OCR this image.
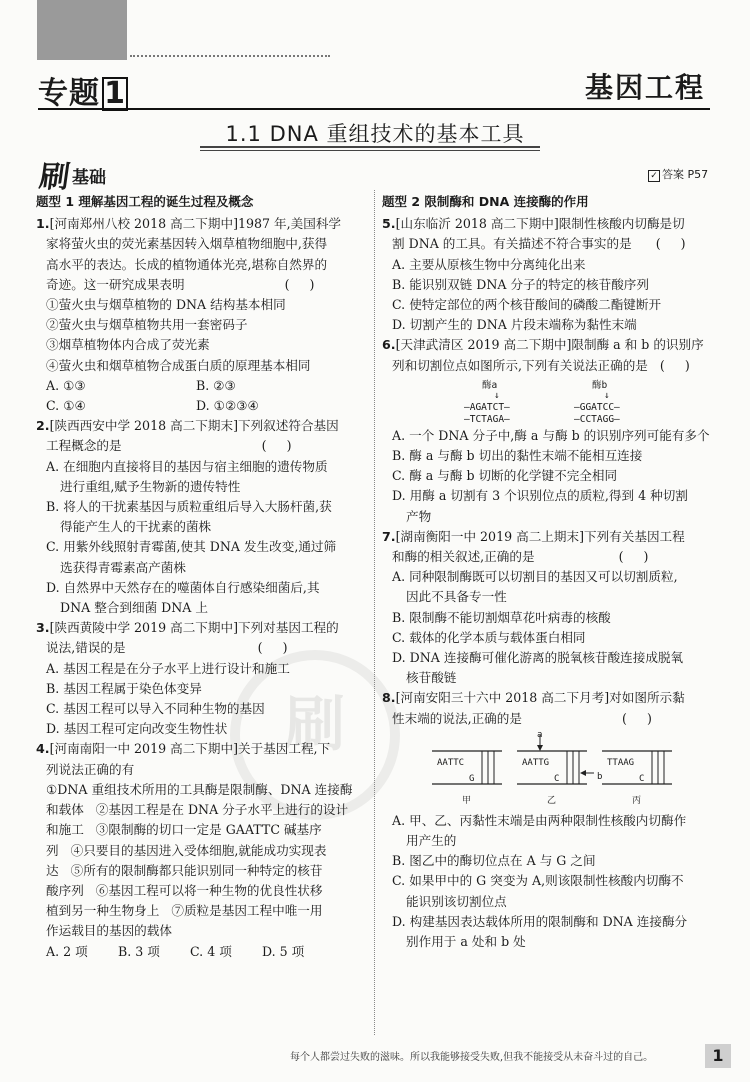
专题 1	基因工程
1.1 DNA 重组技术的基本工具
刷 基础	✓ 答案 P57
刷
题型 1 理解基因工程的诞生过程及概念
1.[河南郑州八校 2018 高二下期中]1987 年,美国科学
家将萤火虫的荧光素基因转入烟草植物细胞中,获得
高水平的表达。长成的植物通体光亮,堪称自然界的
奇迹。这一研究成果表明                         (     )
①萤火虫与烟草植物的 DNA 结构基本相同
②萤火虫与烟草植物共用一套密码子
③烟草植物体内合成了荧光素
④萤火虫和烟草植物合成蛋白质的原理基本相同
A. ①③	B. ②③
C. ①④	D. ①②③④
2.[陕西西安中学 2018 高二下期末]下列叙述符合基因
工程概念的是                                   (     )
A. 在细胞内直接将目的基因与宿主细胞的遗传物质
进行重组,赋予生物新的遗传特性
B. 将人的干扰素基因与质粒重组后导入大肠杆菌,获
得能产生人的干扰素的菌株
C. 用紫外线照射青霉菌,使其 DNA 发生改变,通过筛
选获得青霉素高产菌株
D. 自然界中天然存在的噬菌体自行感染细菌后,其
DNA 整合到细菌 DNA 上
3.[陕西黄陵中学 2019 高二下期中]下列对基因工程的
说法,错误的是                                 (     )
A. 基因工程是在分子水平上进行设计和施工
B. 基因工程属于染色体变异
C. 基因工程可以导入不同种生物的基因
D. 基因工程可定向改变生物性状
4.[河南南阳一中 2019 高二下期中]关于基因工程,下
列说法正确的有
①DNA 重组技术所用的工具酶是限制酶、DNA 连接酶
和载体   ②基因工程是在 DNA 分子水平上进行的设计
和施工   ③限制酶的切口一定是 GAATTC 碱基序
列   ④只要目的基因进入受体细胞,就能成功实现表
达   ⑤所有的限制酶都只能识别同一种特定的核苷
酸序列   ⑥基因工程可以将一种生物的优良性状移
植到另一种生物身上   ⑦质粒是基因工程中唯一用
作运载目的基因的载体
A. 2 项	B. 3 项	C. 4 项	D. 5 项
题型 2 限制酶和 DNA 连接酶的作用
5.[山东临沂 2018 高二下期中]限制性核酸内切酶是切
割 DNA 的工具。有关描述不符合事实的是      (     )
A. 主要从原核生物中分离纯化出来
B. 能识别双链 DNA 分子的特定的核苷酸序列
C. 使特定部位的两个核苷酸间的磷酸二酯键断开
D. 切割产生的 DNA 片段末端称为黏性末端
6.[天津武清区 2019 高二下期中]限制酶 a 和 b 的识别序
列和切割位点如图所示,下列有关说法正确的是   (     )
酶a
↓
—AGATCT—
—TCTAGA—
酶b
↓
—GGATCC—
—CCTAGG—
A. 一个 DNA 分子中,酶 a 与酶 b 的识别序列可能有多个
B. 酶 a 与酶 b 切出的黏性末端不能相互连接
C. 酶 a 与酶 b 切断的化学键不完全相同
D. 用酶 a 切割有 3 个识别位点的质粒,得到 4 种切割
产物
7.[湖南衡阳一中 2019 高二上期末]下列有关基因工程
和酶的相关叙述,正确的是                     (     )
A. 同种限制酶既可以切割目的基因又可以切割质粒,
因此不具备专一性
B. 限制酶不能切割烟草花叶病毒的核酸
C. 载体的化学本质与载体蛋白相同
D. DNA 连接酶可催化游离的脱氧核苷酸连接成脱氧
核苷酸链
8.[河南安阳三十六中 2018 高二下月考]对如图所示黏
性末端的说法,正确的是                         (     )
AATTC
G
AATTG
C
TTAAG
C
a
b
甲	乙	丙
A. 甲、乙、丙黏性末端是由两种限制性核酸内切酶作
用产生的
B. 图乙中的酶切位点在 A 与 G 之间
C. 如果甲中的 G 突变为 A,则该限制性核酸内切酶不
能识别该切割位点
D. 构建基因表达载体所用的限制酶和 DNA 连接酶分
别作用于 a 处和 b 处
每个人都尝过失败的滋味。所以我能够接受失败,但我不能接受从未奋斗过的自己。	1
